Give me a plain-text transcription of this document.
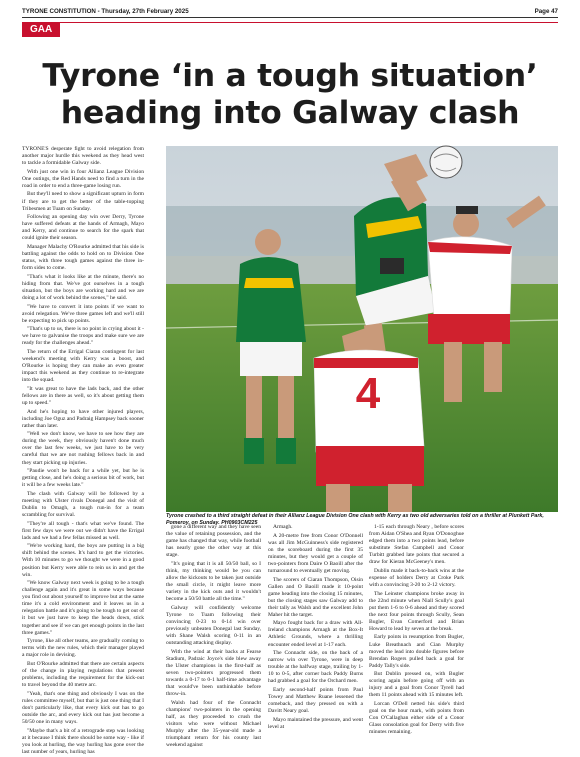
TYRONE CONSTITUTION - Thursday, 27th February 2025	Page 47
GAA
Tyrone ‘in a tough situation’
heading into Galway clash

TYRONE'S desperate fight to avoid relegation from another major hurdle this weekend as they head west to tackle a formidable Galway side.

With just one win in four Allianz League Division One outings, the Red Hands need to find a turn in the road in order to end a three-game losing run.

But they'll need to show a significant upturn in form if they are to get the better of the table-topping Tribesmen at Tuam on Sunday.

Following an opening day win over Derry, Tyrone have suffered defeats at the hands of Armagh, Mayo and Kerry, and continue to search for the spark that could ignite their season.

Manager Malachy O'Rourke admitted that his side is battling against the odds to hold on to Division One status, with three tough games against the three in-form sides to come.

"That's what it looks like at the minute, there's no hiding from that. We've got ourselves in a tough situation, but the boys are working hard and we are doing a lot of work behind the scenes," he said.

"We have to convert it into points if we want to avoid relegation. We've three games left and we'll still be expecting to pick up points.

"That's up to us, there is no point in crying about it - we have to galvanise the troops and make sure we are ready for the challenges ahead."

The return of the Errigal Ciaran contingent for last weekend's meeting with Kerry was a boost, and O'Rourke is hoping they can make an even greater impact this weekend as they continue to re-integrate into the squad.

"It was great to have the lads back, and the other fellows are in there as well, so it's about getting them up to speed."

And he's hoping to have other injured players, including Joe Oguz and Padraig Hampsey back sooner rather than later.

"Well we don't know, we have to see how they are during the week, they obviously haven't done much over the last few weeks, we just have to be very careful that we are not rushing fellows back in and they start picking up injuries.

"Paudie won't be back for a while yet, but he is getting close, and he's doing a serious bit of work, but it will be a few weeks late."

The clash with Galway will be followed by a meeting with Ulster rivals Donegal and the visit of Dublin to Omagh, a tough run-in for a team scrambling for survival.

"They're all tough - that's what we've found. The first few days we were out we didn't have the Errigal lads and we had a few fellas missed as well.

"We're working hard, the boys are putting in a big shift behind the scenes. It's hard to get the victories. With 10 minutes to go we thought we were in a good position but Kerry were able to rein us in and get the win.

"We know Galway next week is going to be a tough challenge again and it's great in some ways because you find out about yourself to improve but at the same time it's a cold environment and it leaves us in a relegation battle and it's going to be tough to get out of it but we just have to keep the heads down, stick together and see if we can get enough points in the last three games."

Tyrone, like all other teams, are gradually coming to terms with the new rules, which their manager played a major role in devising.

But O'Rourke admitted that there are certain aspects of the change in playing regulations that present problems, including the requirement for the kick-out to travel beyond the 40 metre arc.

"Yeah, that's one thing and obviously I was on the rules committee myself, but that is just one thing that I don't particularly like, that every kick out has to go outside the arc, and every kick out has just become a 50/50 one in many ways.

"Maybe that's a bit of a retrograde step was looking at it because I think there should be some way - like if you look at hurling, the way hurling has gone over the last number of years, hurling has

4
Tyrone crashed to a third straight defeat in their Allianz League Division One clash with Kerry as two old adversaries told on a thriller at Plunkett Park, Pomeroy, on Sunday. PH0903CM225

gone a different way and they have seen the value of retaining possession, and the game has changed that way, while football has nearly gone the other way at this stage.

"It's going that it is all 50/50 ball, so I think, my thinking would be you can allow the kickouts to be taken just outside the small circle, it might leave more variety in the kick outs and it wouldn't become a 50/50 battle all the time."

Galway will confidently welcome Tyrone to Tuam following their convincing 0-23 to 0-14 win over previously unbeaten Donegal last Sunday, with Shane Walsh scoring 0-11 in an outstanding attacking display.

With the wind at their backs at Fearse Stadium, Padraic Joyce's side blew away the Ulster champions in the first-half as seven two-pointers progressed them towards a 0-17 to 0-1 half-time advantage that would've been unthinkable before throw-in.

Walsh had four of the Connacht champions' two-pointers in the opening half, as they proceeded to crush the visitors who were without Michael Murphy after the 35-year-old made a triumphant return for his county last weekend against

Armagh.

A 20-metre free from Conor O'Donnell was all Jim McGuinness's side registered on the scoreboard during the first 35 minutes, but they would get a couple of two-pointers from Daire O Baoill after the turnaround to eventually get moving.

The scorers of Ciaran Thompson, Oisin Gallen and O Baoill made it 10-point game heading into the closing 15 minutes, but the closing stages saw Galway add to their tally as Walsh and the excellent John Maher hit the target.

Mayo fought back for a draw with All-Ireland champions Armagh at the Box-It Athletic Grounds, where a thrilling encounter ended level at 1-17 each.

The Connacht side, on the back of a narrow win over Tyrone, were in deep trouble at the halfway stage, trailing by 1-10 to 0-5, after corner back Paddy Burns had grabbed a goal for the Orchard men.

Early second-half points from Paul Towey and Matthew Ruane lessened the comeback, and they pressed on with a Davitt Neary goal.

Mayo maintained the pressure, and went level at

1-15 each through Neary , before scores from Aidan O'Shea and Ryan O'Donoghue edged them into a two points lead, before substitute Stefan Campbell and Conor Turbitt grabbed late points that secured a draw for Kieran McGeeney's men.

Dublin made it back-to-back wins at the expense of holders Derry at Croke Park with a convincing 3-20 to 2-12 victory.

The Leinster champions broke away in the 22nd minute when Niall Scully's goal put them 1-6 to 0-6 ahead and they scored the next four points through Scully, Sean Bugler, Evan Comerford and Brian Howard to lead by seven at the break.

Early points in resumption from Bugler, Luke Breathnach and Cian Murphy moved the lead into double figures before Brendan Rogers pulled back a goal for Paddy Tally's side.

But Dublin pressed on, with Bugler scoring again before going off with an injury and a goal from Conor Tyrell had them 11 points ahead with 15 minutes left.

Lorcan O'Dell netted his side's third goal on the hour mark, with points from Con O'Callaghan either side of a Conor Glass consolation goal for Derry with five minutes remaining.
